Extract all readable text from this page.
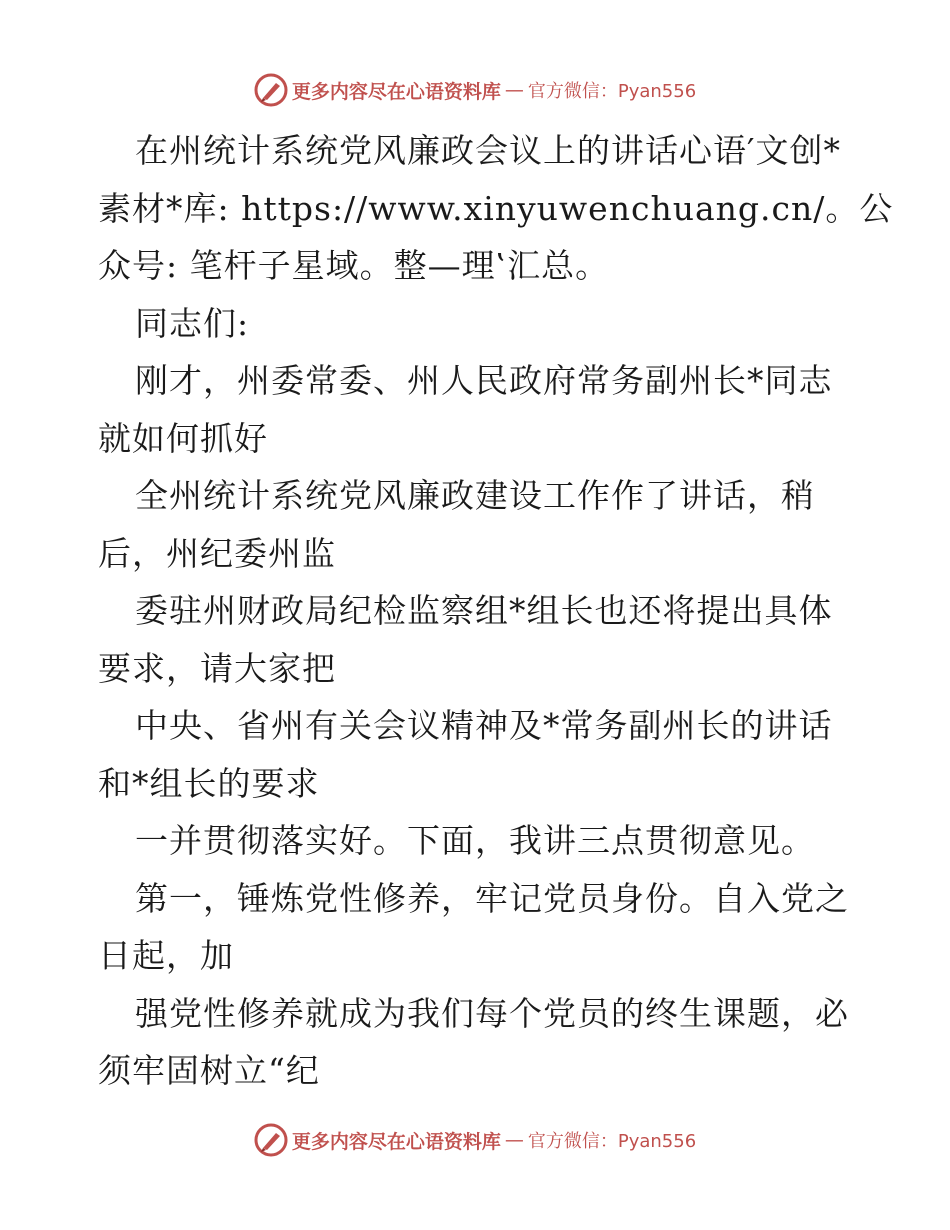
更多内容尽在心语资料库 — 官方微信：Pyan556
在州统计系统党风廉政会议上的讲话心语′文创*
素材*库: https://www.xinyuwenchuang.cn/。公
众号: 笔杆子星域。整—理‛汇总。
同志们:
刚才，州委常委、州人民政府常务副州长*同志
就如何抓好
全州统计系统党风廉政建设工作作了讲话，稍
后，州纪委州监
委驻州财政局纪检监察组*组长也还将提出具体
要求，请大家把
中央、省州有关会议精神及*常务副州长的讲话
和*组长的要求
一并贯彻落实好。下面，我讲三点贯彻意见。
第一，锤炼党性修养，牢记党员身份。自入党之
日起，加
强党性修养就成为我们每个党员的终生课题，必
须牢固树立“纪
更多内容尽在心语资料库 — 官方微信：Pyan556
